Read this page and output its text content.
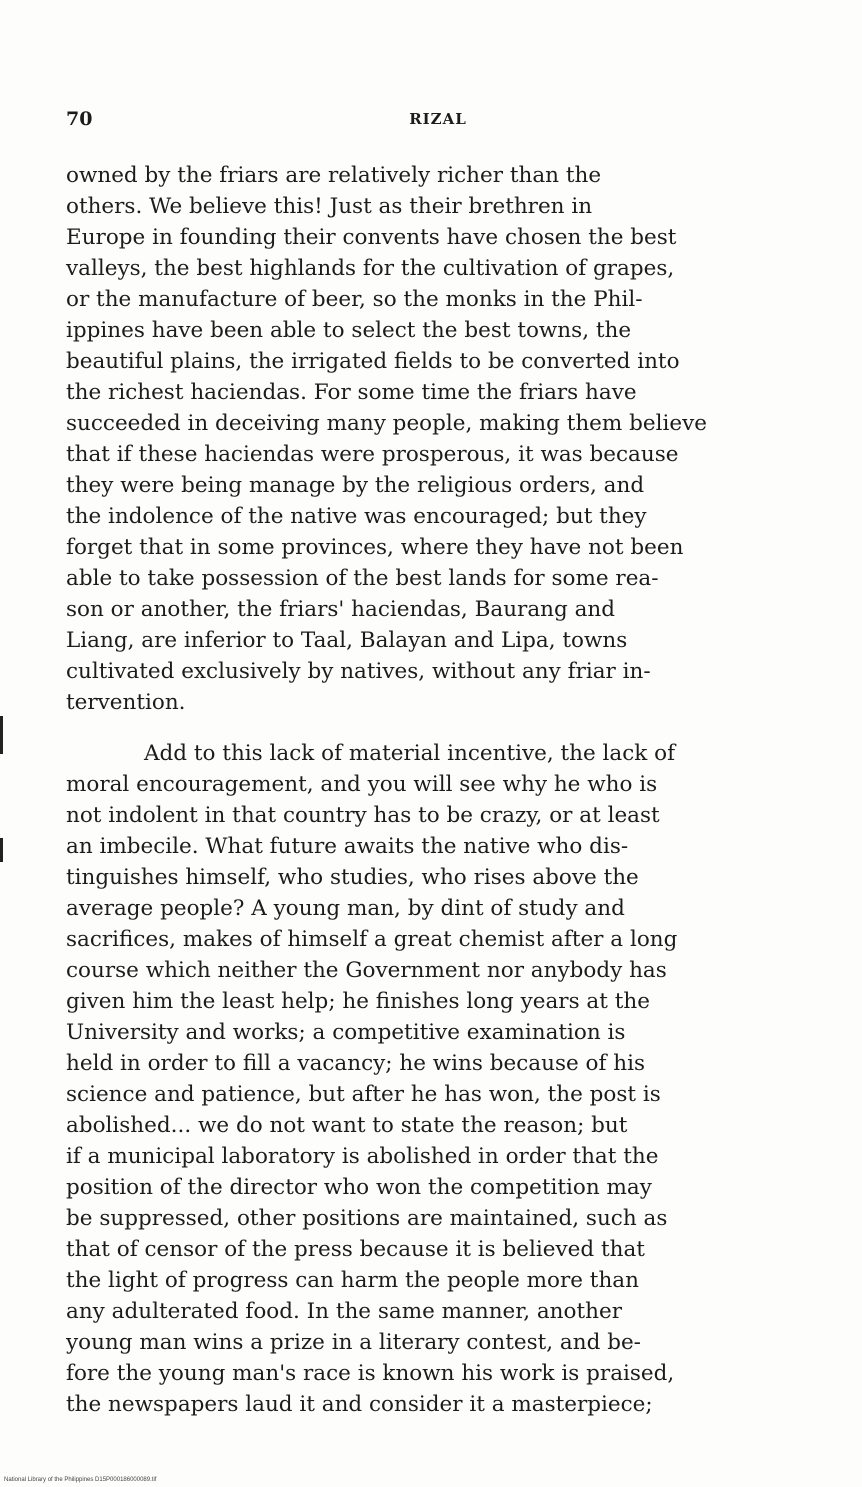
70	RIZAL
owned by the friars are relatively richer than the
others. We believe this! Just as their brethren in
Europe in founding their convents have chosen the best
valleys, the best highlands for the cultivation of grapes,
or the manufacture of beer, so the monks in the Phil-
ippines have been able to select the best towns, the
beautiful plains, the irrigated fields to be converted into
the richest haciendas. For some time the friars have
succeeded in deceiving many people, making them believe
that if these haciendas were prosperous, it was because
they were being manage by the religious orders, and
the indolence of the native was encouraged; but they
forget that in some provinces, where they have not been
able to take possession of the best lands for some rea-
son or another, the friars' haciendas, Baurang and
Liang, are inferior to Taal, Balayan and Lipa, towns
cultivated exclusively by natives, without any friar in-
tervention.
Add to this lack of material incentive, the lack of
moral encouragement, and you will see why he who is
not indolent in that country has to be crazy, or at least
an imbecile. What future awaits the native who dis-
tinguishes himself, who studies, who rises above the
average people? A young man, by dint of study and
sacrifices, makes of himself a great chemist after a long
course which neither the Government nor anybody has
given him the least help; he finishes long years at the
University and works; a competitive examination is
held in order to fill a vacancy; he wins because of his
science and patience, but after he has won, the post is
abolished... we do not want to state the reason; but
if a municipal laboratory is abolished in order that the
position of the director who won the competition may
be suppressed, other positions are maintained, such as
that of censor of the press because it is believed that
the light of progress can harm the people more than
any adulterated food. In the same manner, another
young man wins a prize in a literary contest, and be-
fore the young man's race is known his work is praised,
the newspapers laud it and consider it a masterpiece;
National Library of the Philippines D15P000186000089.tif
